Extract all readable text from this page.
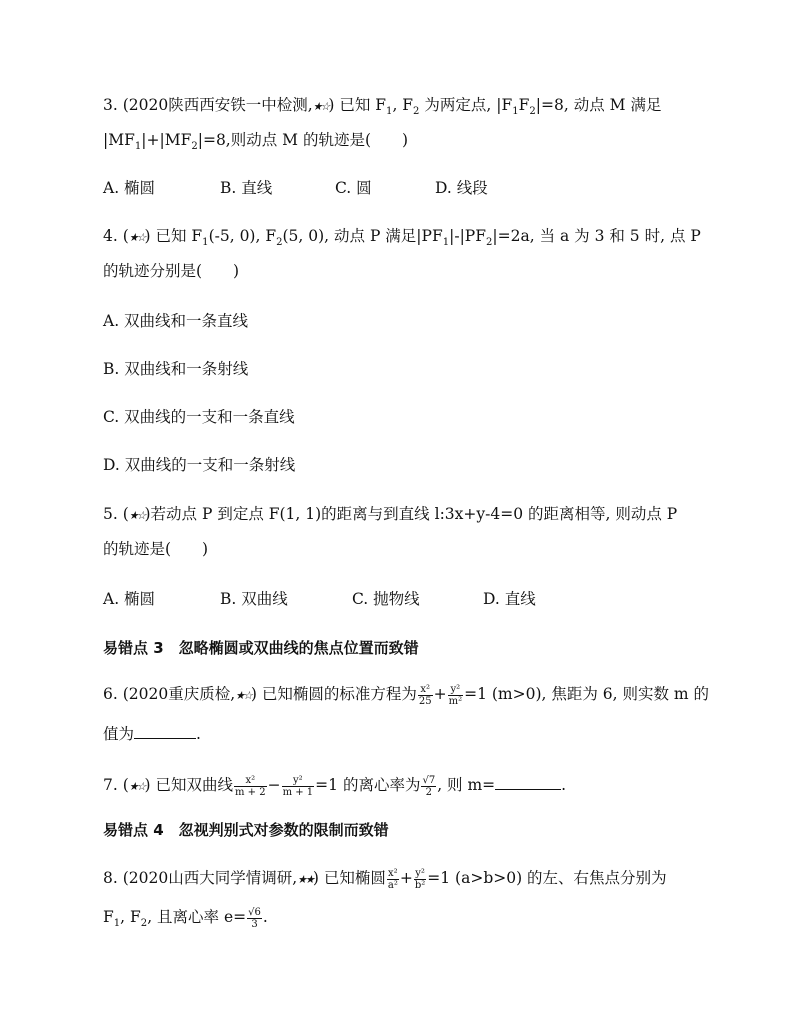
3. (2020陕西西安铁一中检测,★☆) 已知 $F_1$, $F_2$ 为两定点, $|F_1F_2|=8$, 动点 M 满足
$|MF_1|+|MF_2|=8$,则动点 M 的轨迹是(　　)
A. 椭圆	B. 直线	C. 圆	D. 线段
4. (★☆) 已知 $F_1(-5$, 0), $F_2(5$, 0), 动点 P 满足$|PF_1|-|PF_2|=2a$, 当 a 为 3 和 5 时, 点 P
的轨迹分别是(　　)
A. 双曲线和一条直线
B. 双曲线和一条射线
C. 双曲线的一支和一条直线
D. 双曲线的一支和一条射线
5. (★☆)若动点 P 到定点 F(1, 1)的距离与到直线 l:3x+y-4=0 的距离相等, 则动点 P
的轨迹是(　　)
A. 椭圆	B. 双曲线	C. 抛物线	D. 直线
易错点 3　忽略椭圆或双曲线的焦点位置而致错
6. (2020重庆质检,★☆) 已知椭圆的标准方程为 $\frac{\text{x²}}{25} + \frac{\text{y²}}{\text{m²}} =1$ (m>0), 焦距为 6, 则实数 m 的
值为	.
7. (★☆) 已知双曲线 $\frac{\text{x²}}{m + 2} - \frac{\text{y²}}{m + 1} =1$ 的离心率为 $\frac{√7}{2}$ , 则 m=	.
易错点 4　忽视判别式对参数的限制而致错
8. (2020山西大同学情调研,★★) 已知椭圆 $\frac{\text{x²}}{\text{a²}} + \frac{\text{y²}}{\text{b²}} =1$ (a>b>0) 的左、右焦点分别为
$F_1$, $F_2$, 且离心率 $e= \frac{√6}{3}$ .
